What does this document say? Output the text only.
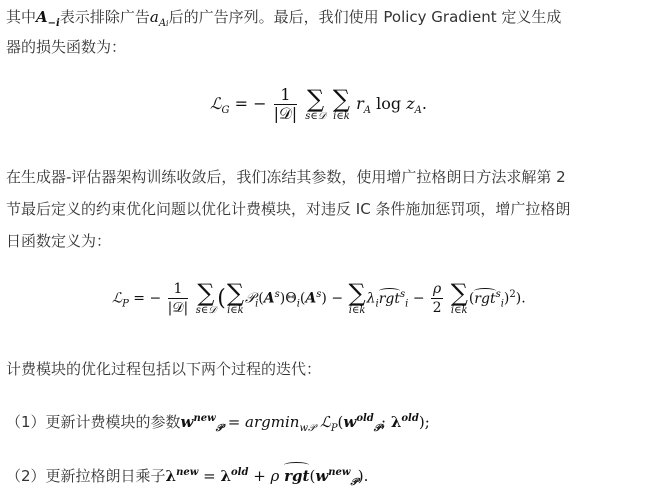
其中$A_{-i}$表示排除广告$a_{Ai}$后的广告序列。最后，我们使用 Policy Gradient 定义生成
器的损失函数为：
ℒ$_G$ = − $\frac{1}{\text{|𝒟|}}$
∑
s∈𝒟

∑
i∈k
$r_A$ $\log z_A$.
在生成器-评估器架构训练收敛后，我们冻结其参数，使用增广拉格朗日方法求解第 2
节最后定义的约束优化问题以优化计费模块，对违反 IC 条件施加惩罚项，增广拉格朗
日函数定义为：
ℒ$_P$ = − $\frac{1}{\text{|𝒟|}}$
∑
s∈𝒟 ( ∑
i∈k
$𝒫_i(A^s)\Theta_i(A^s)$ − ∑
i∈k
$\lambda_irgt^s_i - \frac{\rho}{2}$
∑
i∈k
$(rgt^s_i)^2$).
计费模块的优化过程包括以下两个过程的迭代：
（1）更新计费模块的参数$w^{new}_𝒫 = argmin_{w𝒫}$ $ℒ_P(w^{old}_𝒫$; $\lambda^{old}$);
（2）更新拉格朗日乘子$\lambda^{new} = \lambda^{old} + \rho$ $rgt(w^{new}_𝒫)$.
